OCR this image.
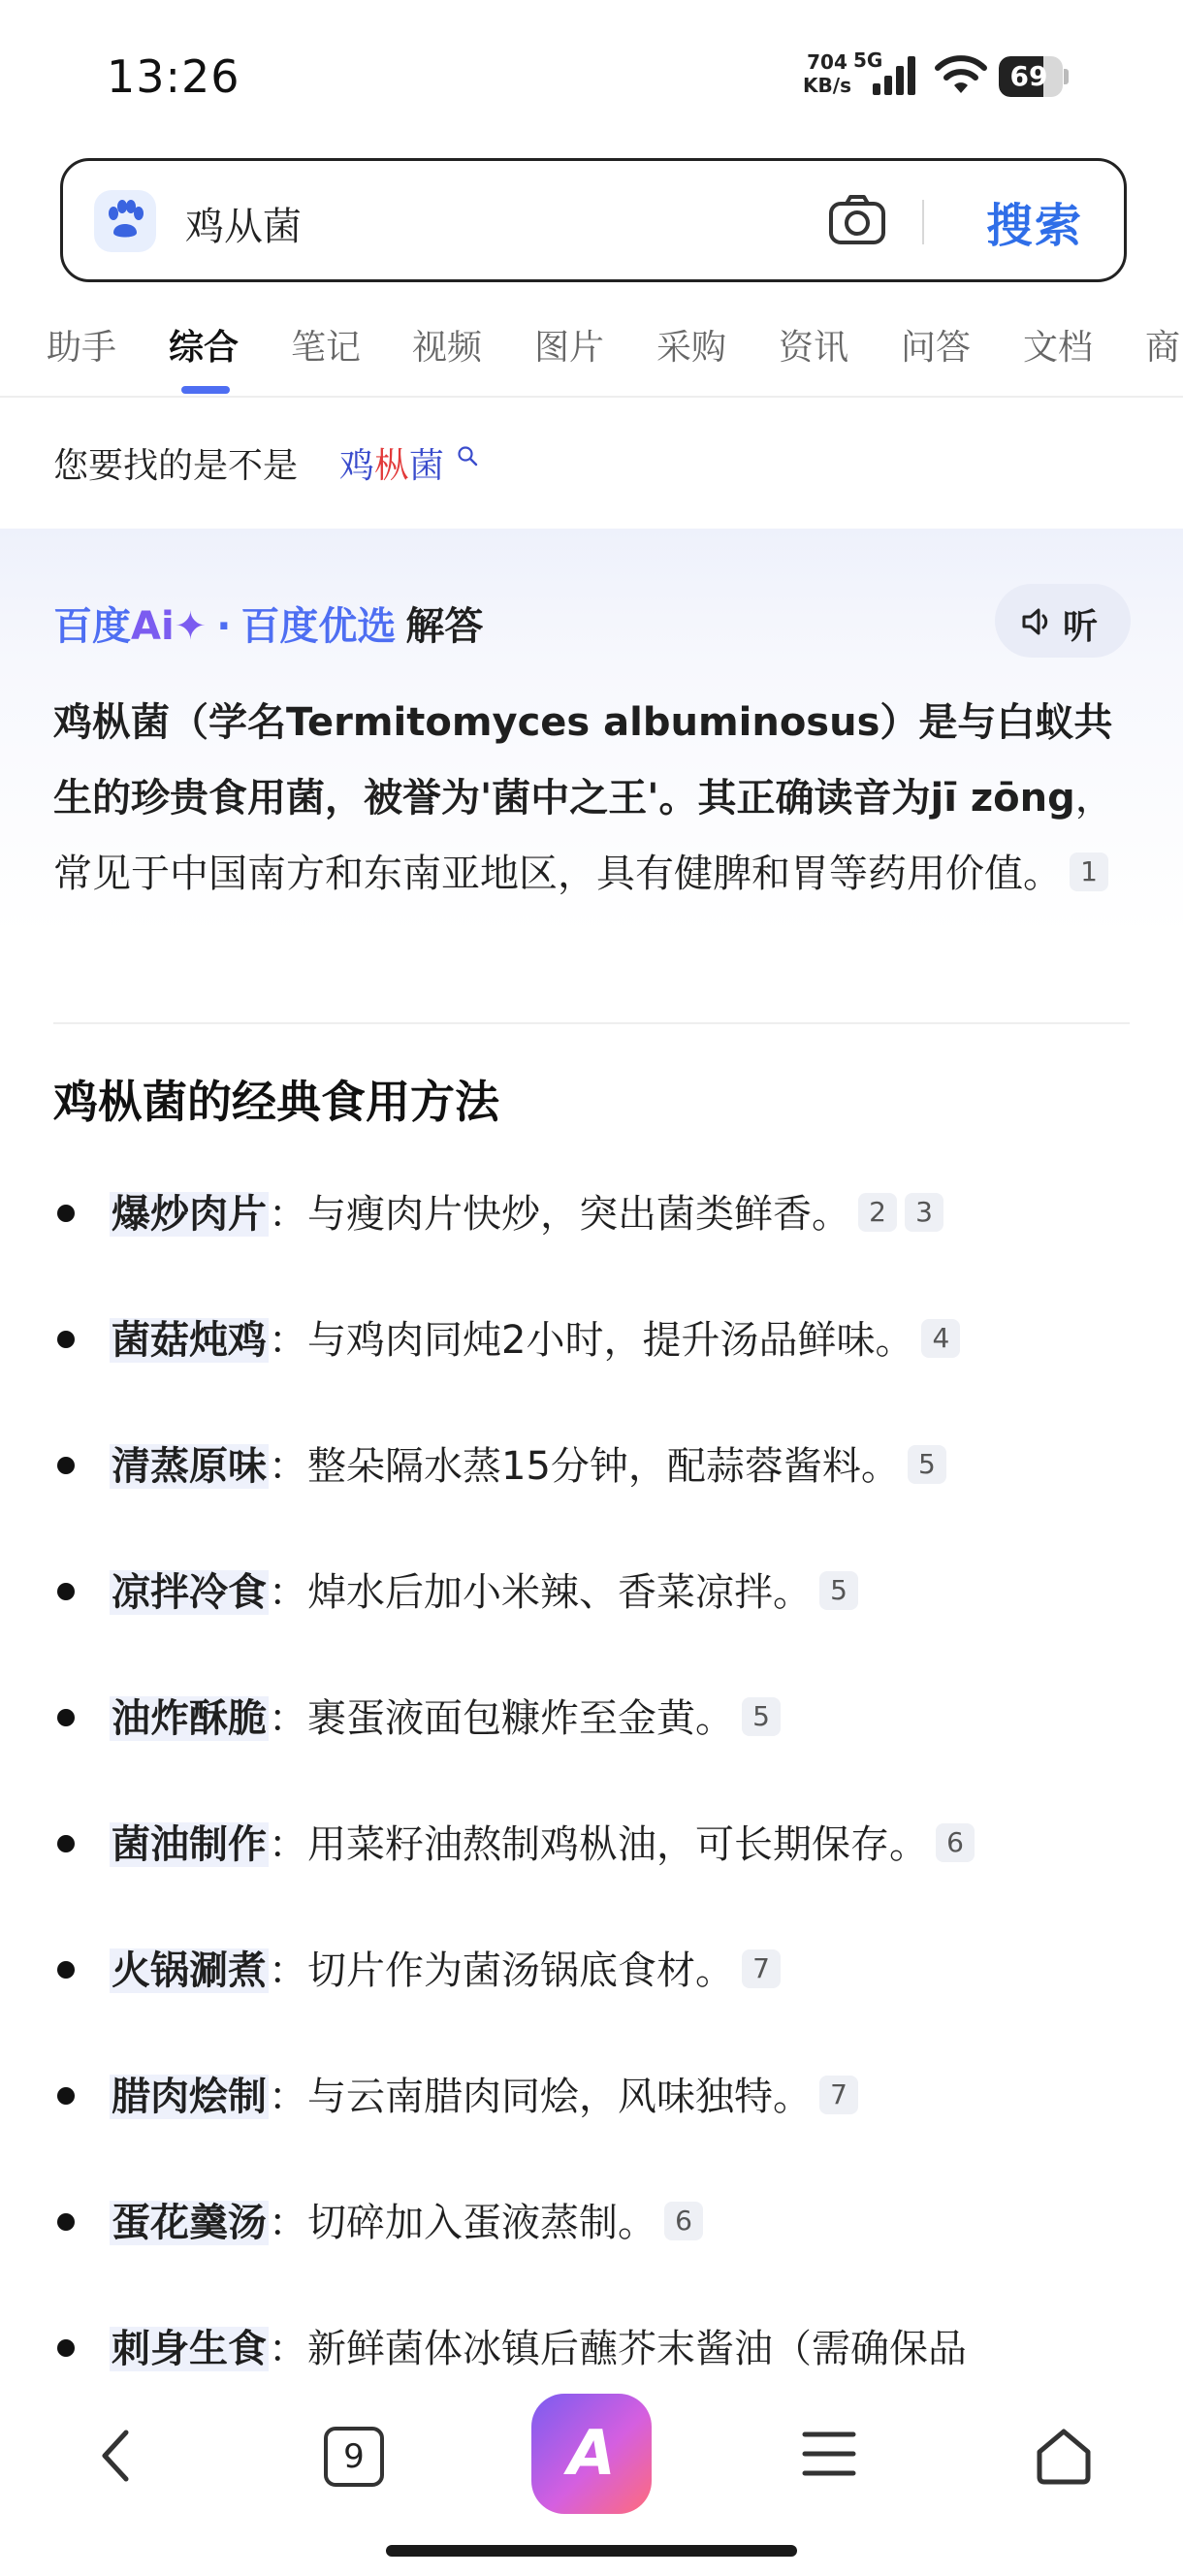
13:26	704
KB/s
5G	69
鸡从菌	搜索
助手 综合 笔记 视频 图片 采购 资讯 问答 文档 商
您要找的是不是 鸡枞菌
百度Ai✦ · 百度优选 解答	听
鸡枞菌（学名Termitomyces albuminosus）是与白蚁共生的珍贵食用菌，被誉为'菌中之王'。其正确读音为jī zōng，常见于中国南方和东南亚地区，具有健脾和胃等药用价值。 1
鸡枞菌的经典食用方法
爆炒肉片：与瘦肉片快炒，突出菌类鲜香。 2 3
菌菇炖鸡：与鸡肉同炖2小时，提升汤品鲜味。 4
清蒸原味：整朵隔水蒸15分钟，配蒜蓉酱料。 5
凉拌冷食：焯水后加小米辣、香菜凉拌。 5
油炸酥脆：裹蛋液面包糠炸至金黄。 5
菌油制作：用菜籽油熬制鸡枞油，可长期保存。 6
火锅涮煮：切片作为菌汤锅底食材。 7
腊肉烩制：与云南腊肉同烩，风味独特。 7
蛋花羹汤：切碎加入蛋液蒸制。 6
刺身生食：新鲜菌体冰镇后蘸芥末酱油（需确保品
9	A
